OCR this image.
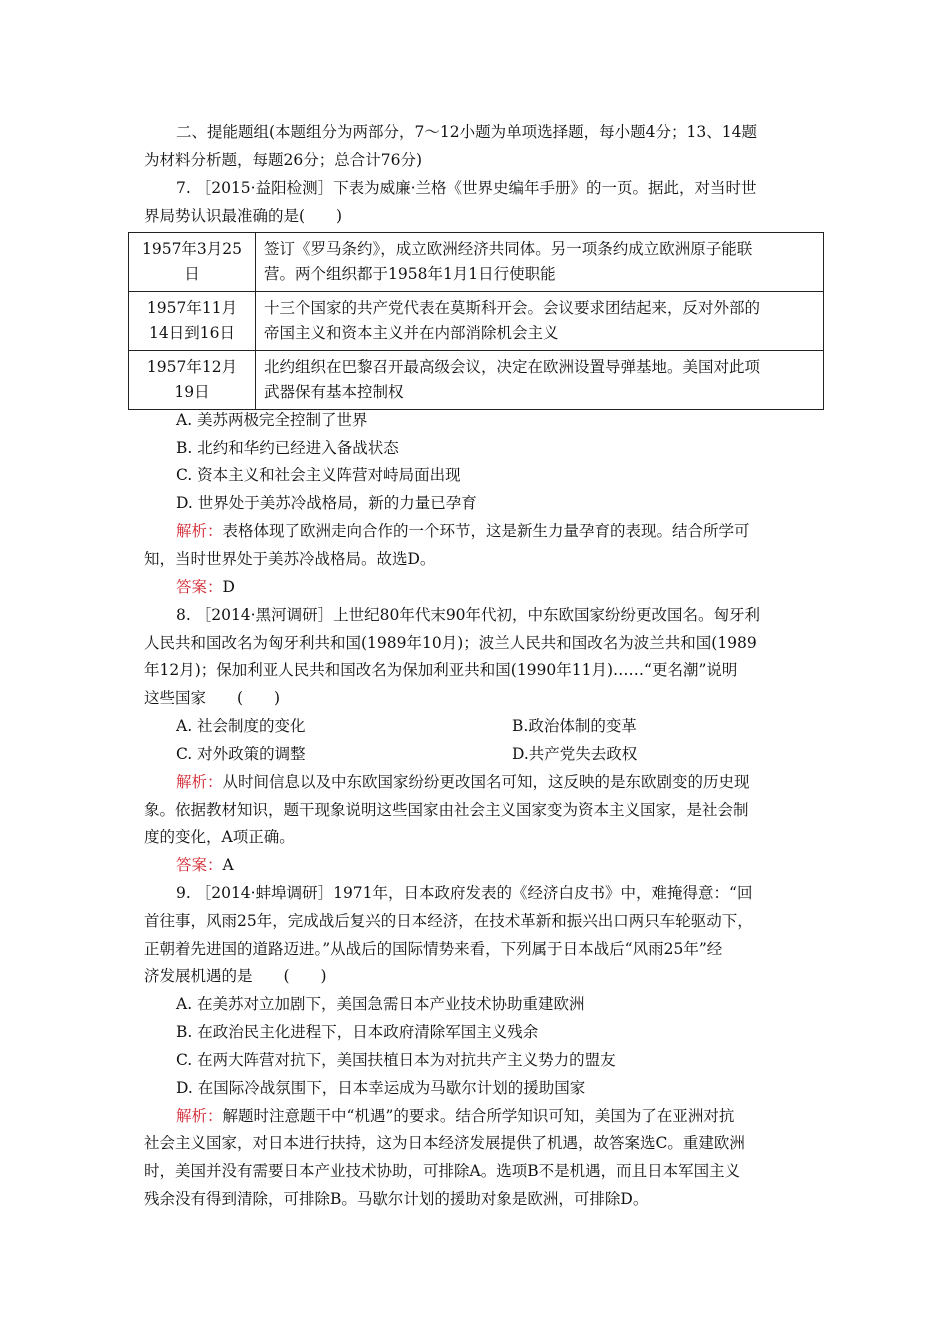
二、提能题组(本题组分为两部分，7～12小题为单项选择题，每小题4分；13、14题
为材料分析题，每题26分；总合计76分)
7. ［2015·益阳检测］下表为威廉·兰格《世界史编年手册》的一页。据此，对当时世
界局势认识最准确的是(　　)
1957年3月25
日	签订《罗马条约》，成立欧洲经济共同体。另一项条约成立欧洲原子能联
营。两个组织都于1958年1月1日行使职能
1957年11月
14日到16日	十三个国家的共产党代表在莫斯科开会。会议要求团结起来，反对外部的
帝国主义和资本主义并在内部消除机会主义
1957年12月
19日	北约组织在巴黎召开最高级会议，决定在欧洲设置导弹基地。美国对此项
武器保有基本控制权
A. 美苏两极完全控制了世界
B. 北约和华约已经进入备战状态
C. 资本主义和社会主义阵营对峙局面出现
D. 世界处于美苏冷战格局，新的力量已孕育
解析：表格体现了欧洲走向合作的一个环节，这是新生力量孕育的表现。结合所学可
知，当时世界处于美苏冷战格局。故选D。
答案：D
8. ［2014·黑河调研］上世纪80年代末90年代初，中东欧国家纷纷更改国名。匈牙利
人民共和国改名为匈牙利共和国(1989年10月)；波兰人民共和国改名为波兰共和国(1989
年12月)；保加利亚人民共和国改名为保加利亚共和国(1990年11月)……“更名潮”说明
这些国家　　(　　)
A. 社会制度的变化	B.政治体制的变革
C. 对外政策的调整	D.共产党失去政权
解析：从时间信息以及中东欧国家纷纷更改国名可知，这反映的是东欧剧变的历史现
象。依据教材知识，题干现象说明这些国家由社会主义国家变为资本主义国家，是社会制
度的变化，A项正确。
答案：A
9. ［2014·蚌埠调研］1971年，日本政府发表的《经济白皮书》中，难掩得意：“回
首往事，风雨25年，完成战后复兴的日本经济，在技术革新和振兴出口两只车轮驱动下，
正朝着先进国的道路迈进。”从战后的国际情势来看，下列属于日本战后“风雨25年”经
济发展机遇的是　　(　　)
A. 在美苏对立加剧下，美国急需日本产业技术协助重建欧洲
B. 在政治民主化进程下，日本政府清除军国主义残余
C. 在两大阵营对抗下，美国扶植日本为对抗共产主义势力的盟友
D. 在国际冷战氛围下，日本幸运成为马歇尔计划的援助国家
解析：解题时注意题干中“机遇”的要求。结合所学知识可知，美国为了在亚洲对抗
社会主义国家，对日本进行扶持，这为日本经济发展提供了机遇，故答案选C。重建欧洲
时，美国并没有需要日本产业技术协助，可排除A。选项B不是机遇，而且日本军国主义
残余没有得到清除，可排除B。马歇尔计划的援助对象是欧洲，可排除D。
